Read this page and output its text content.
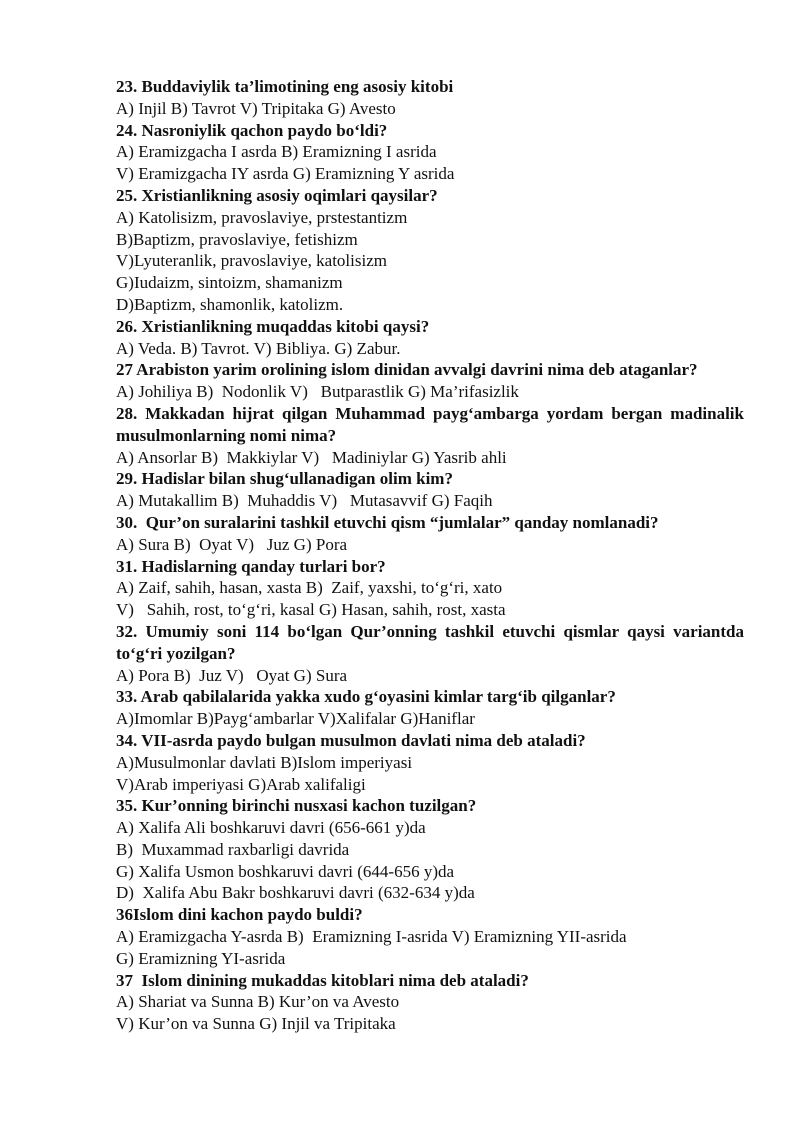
23. Buddaviylik ta’limotining eng asosiy kitobi
A) Injil B) Tavrot V) Tripitaka G) Avesto
24. Nasroniylik qachon paydo bo‘ldi?
A) Eramizgacha I asrda B) Eramizning I asrida
V) Eramizgacha IY asrda G) Eramizning Y asrida
25. Xristianlikning asosiy oqimlari qaysilar?
A) Katolisizm, pravoslaviye, prstestantizm
B)Baptizm, pravoslaviye, fetishizm
V)Lyuteranlik, pravoslaviye, katolisizm
G)Iudaizm, sintoizm, shamanizm
D)Baptizm, shamonlik, katolizm.
26. Xristianlikning muqaddas kitobi qaysi?
A) Veda. B) Tavrot. V) Bibliya. G) Zabur.
27 Arabiston yarim orolining islom dinidan avvalgi davrini nima deb ataganlar?
A) Johiliya B)  Nodonlik V)   Butparastlik G) Ma’rifasizlik
28. Makkadan hijrat qilgan Muhammad payg‘ambarga yordam bergan madinalik musulmonlarning nomi nima?
A) Ansorlar B)  Makkiylar V)   Madiniylar G) Yasrib ahli
29. Hadislar bilan shug‘ullanadigan olim kim?
A) Mutakallim B)  Muhaddis V)   Mutasavvif G) Faqih
30.  Qur’on suralarini tashkil etuvchi qism “jumlalar” qanday nomlanadi?
A) Sura B)  Oyat V)   Juz G) Pora
31. Hadislarning qanday turlari bor?
A) Zaif, sahih, hasan, xasta B)  Zaif, yaxshi, to‘g‘ri, xato
V)   Sahih, rost, to‘g‘ri, kasal G) Hasan, sahih, rost, xasta
32. Umumiy soni 114 bo‘lgan Qur’onning tashkil etuvchi qismlar qaysi variantda to‘g‘ri yozilgan?
A) Pora B)  Juz V)   Oyat G) Sura
33. Arab qabilalarida yakka xudo g‘oyasini kimlar targ‘ib qilganlar?
A)Imomlar B)Payg‘ambarlar V)Xalifalar G)Haniflar
34. VII-asrda paydo bulgan musulmon davlati nima deb ataladi?
A)Musulmonlar davlati B)Islom imperiyasi
V)Arab imperiyasi G)Arab xalifaligi
35. Kur’onning birinchi nusxasi kachon tuzilgan?
A) Xalifa Ali boshkaruvi davri (656-661 y)da
B)  Muxammad raxbarligi davrida
G) Xalifa Usmon boshkaruvi davri (644-656 y)da
D)  Xalifa Abu Bakr boshkaruvi davri (632-634 y)da
36Islom dini kachon paydo buldi?
A) Eramizgacha Y-asrda B)  Eramizning I-asrida V) Eramizning YII-asrida
G) Eramizning YI-asrida
37  Islom dinining mukaddas kitoblari nima deb ataladi?
A) Shariat va Sunna B) Kur’on va Avesto
V) Kur’on va Sunna G) Injil va Tripitaka
